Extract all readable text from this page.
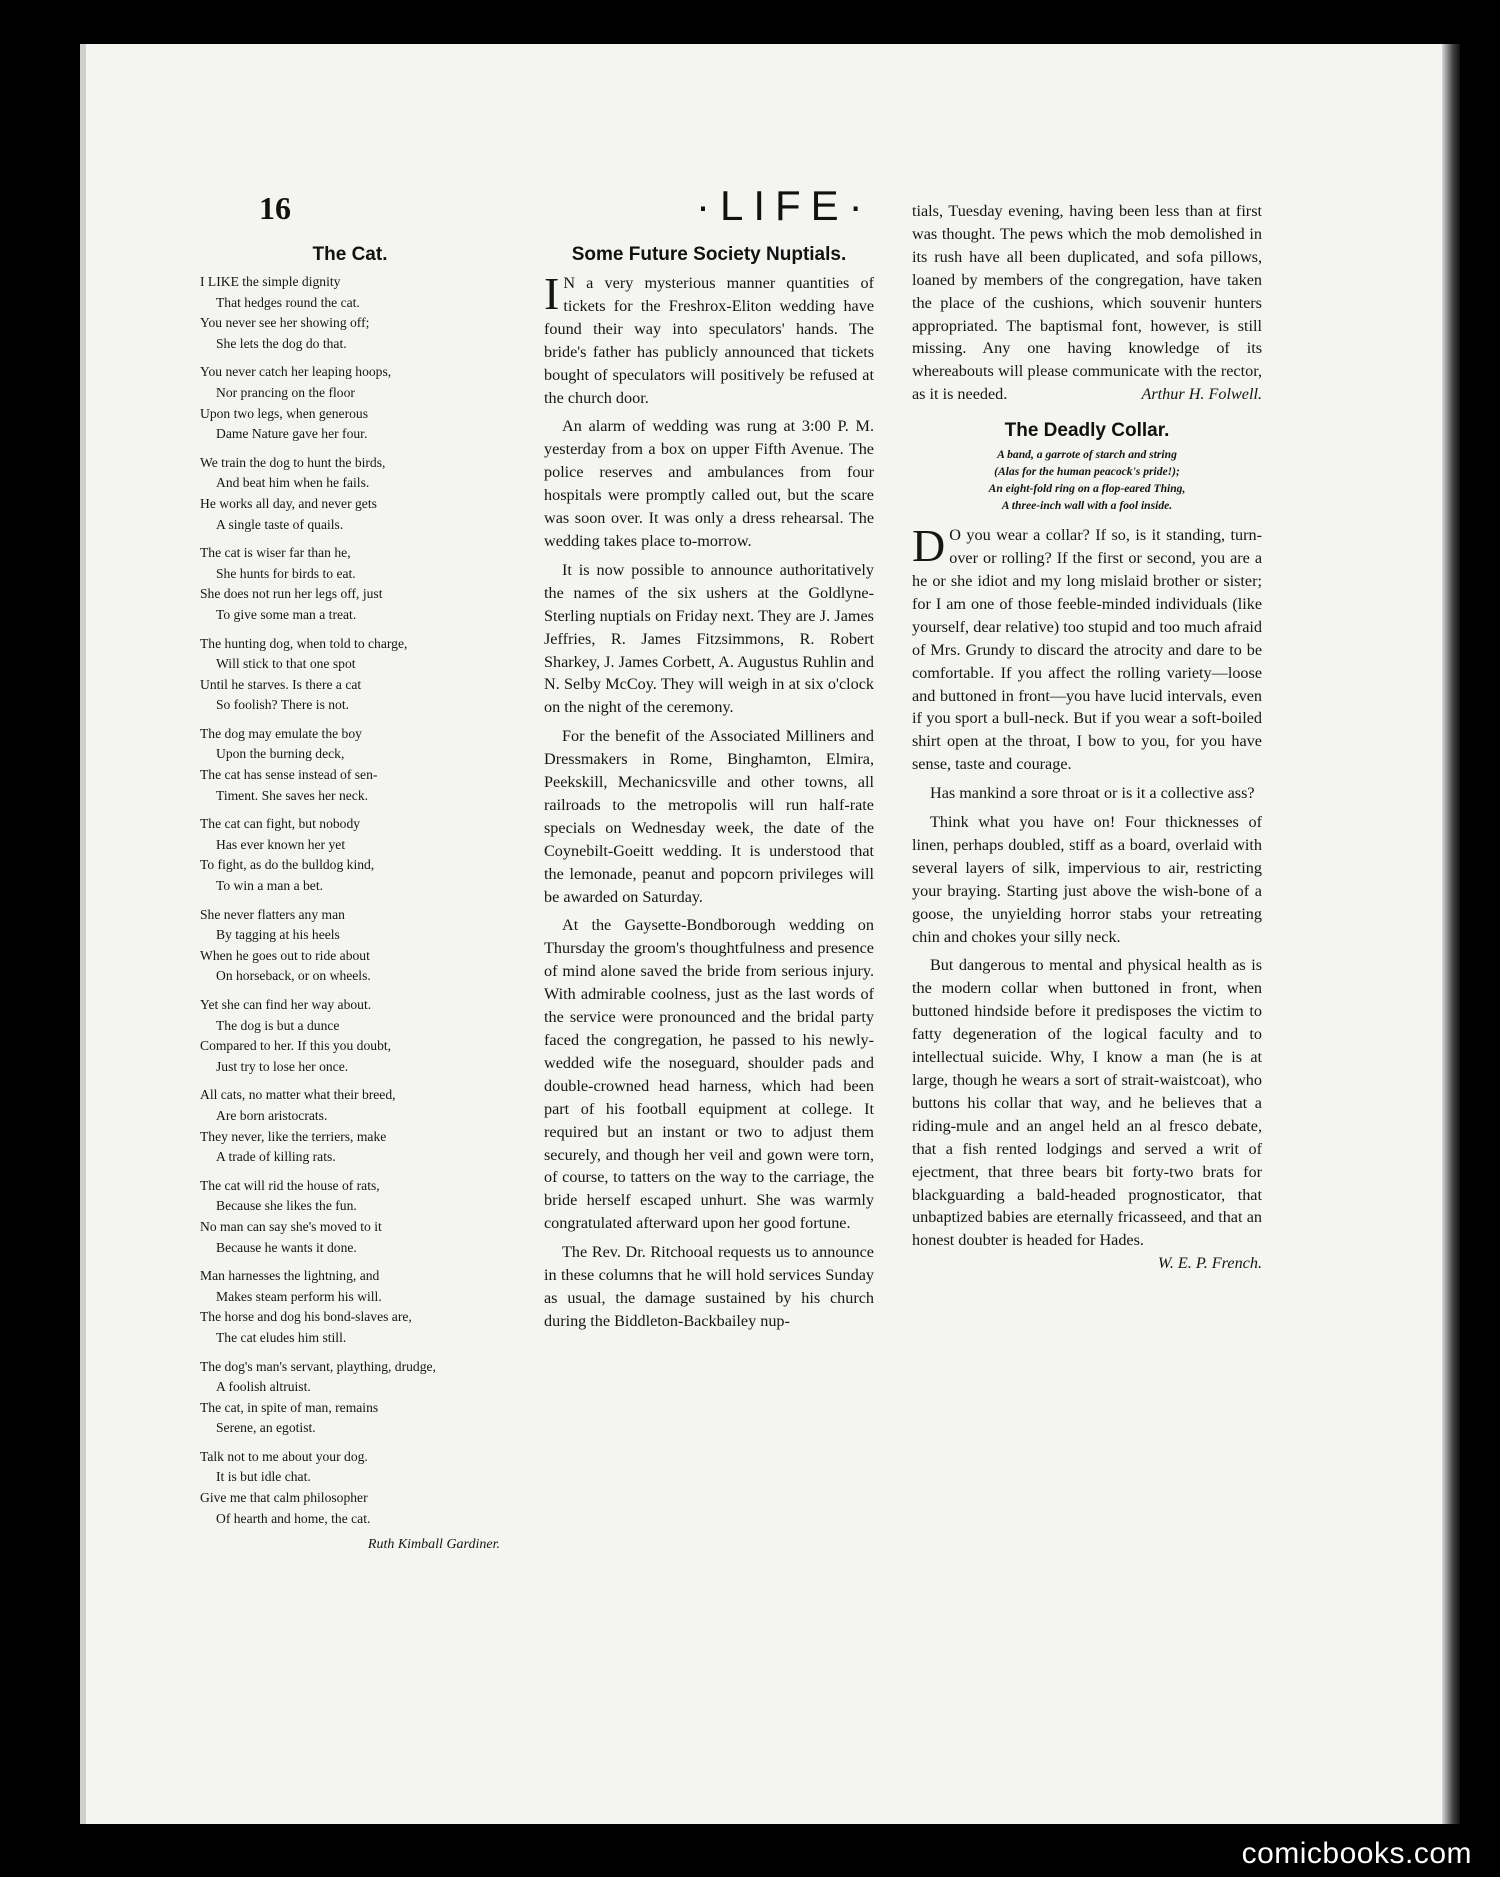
16	·LIFE·
The Cat.
I LIKE the simple dignity
That hedges round the cat.
You never see her showing off;
She lets the dog do that.
You never catch her leaping hoops,
Nor prancing on the floor
Upon two legs, when generous
Dame Nature gave her four.
We train the dog to hunt the birds,
And beat him when he fails.
He works all day, and never gets
A single taste of quails.
The cat is wiser far than he,
She hunts for birds to eat.
She does not run her legs off, just
To give some man a treat.
The hunting dog, when told to charge,
Will stick to that one spot
Until he starves. Is there a cat
So foolish? There is not.
The dog may emulate the boy
Upon the burning deck,
The cat has sense instead of sen-
Timent. She saves her neck.
The cat can fight, but nobody
Has ever known her yet
To fight, as do the bulldog kind,
To win a man a bet.
She never flatters any man
By tagging at his heels
When he goes out to ride about
On horseback, or on wheels.
Yet she can find her way about.
The dog is but a dunce
Compared to her. If this you doubt,
Just try to lose her once.
All cats, no matter what their breed,
Are born aristocrats.
They never, like the terriers, make
A trade of killing rats.
The cat will rid the house of rats,
Because she likes the fun.
No man can say she's moved to it
Because he wants it done.
Man harnesses the lightning, and
Makes steam perform his will.
The horse and dog his bond-slaves are,
The cat eludes him still.
The dog's man's servant, plaything, drudge,
A foolish altruist.
The cat, in spite of man, remains
Serene, an egotist.
Talk not to me about your dog.
It is but idle chat.
Give me that calm philosopher
Of hearth and home, the cat.
Ruth Kimball Gardiner.
Some Future Society Nuptials.

I N a very mysterious manner quantities of tickets for the Freshrox-Eliton wedding have found their way into speculators' hands. The bride's father has publicly announced that tickets bought of speculators will positively be refused at the church door.

An alarm of wedding was rung at 3:00 P. M. yesterday from a box on upper Fifth Avenue. The police reserves and ambulances from four hospitals were promptly called out, but the scare was soon over. It was only a dress rehearsal. The wedding takes place to-morrow.

It is now possible to announce authoritatively the names of the six ushers at the Goldlyne-Sterling nuptials on Friday next. They are J. James Jeffries, R. James Fitzsimmons, R. Robert Sharkey, J. James Corbett, A. Augustus Ruhlin and N. Selby McCoy. They will weigh in at six o'clock on the night of the ceremony.

For the benefit of the Associated Milliners and Dressmakers in Rome, Binghamton, Elmira, Peekskill, Mechanicsville and other towns, all railroads to the metropolis will run half-rate specials on Wednesday week, the date of the Coynebilt-Goeitt wedding. It is understood that the lemonade, peanut and popcorn privileges will be awarded on Saturday.

At the Gaysette-Bondborough wedding on Thursday the groom's thoughtfulness and presence of mind alone saved the bride from serious injury. With admirable coolness, just as the last words of the service were pronounced and the bridal party faced the congregation, he passed to his newly-wedded wife the noseguard, shoulder pads and double-crowned head harness, which had been part of his football equipment at college. It required but an instant or two to adjust them securely, and though her veil and gown were torn, of course, to tatters on the way to the carriage, the bride herself escaped unhurt. She was warmly congratulated afterward upon her good fortune.

The Rev. Dr. Ritchooal requests us to announce in these columns that he will hold services Sunday as usual, the damage sustained by his church during the Biddleton-Backbailey nup-

tials, Tuesday evening, having been less than at first was thought. The pews which the mob demolished in its rush have all been duplicated, and sofa pillows, loaned by members of the congregation, have taken the place of the cushions, which souvenir hunters appropriated. The baptismal font, however, is still missing. Any one having knowledge of its whereabouts will please communicate with the rector, as it is needed.	Arthur H. Folwell.

The Deadly Collar.
A band, a garrote of starch and string
(Alas for the human peacock's pride!);
An eight-fold ring on a flop-eared Thing,
A three-inch wall with a fool inside.

D O you wear a collar? If so, is it standing, turn-over or rolling? If the first or second, you are a he or she idiot and my long mislaid brother or sister; for I am one of those feeble-minded individuals (like yourself, dear relative) too stupid and too much afraid of Mrs. Grundy to discard the atrocity and dare to be comfortable. If you affect the rolling variety—loose and buttoned in front—you have lucid intervals, even if you sport a bull-neck. But if you wear a soft-boiled shirt open at the throat, I bow to you, for you have sense, taste and courage.

Has mankind a sore throat or is it a collective ass?

Think what you have on! Four thicknesses of linen, perhaps doubled, stiff as a board, overlaid with several layers of silk, impervious to air, restricting your braying. Starting just above the wish-bone of a goose, the unyielding horror stabs your retreating chin and chokes your silly neck.

But dangerous to mental and physical health as is the modern collar when buttoned in front, when buttoned hindside before it predisposes the victim to fatty degeneration of the logical faculty and to intellectual suicide. Why, I know a man (he is at large, though he wears a sort of strait-waistcoat), who buttons his collar that way, and he believes that a riding-mule and an angel held an al fresco debate, that a fish rented lodgings and served a writ of ejectment, that three bears bit forty-two brats for blackguarding a bald-headed prognosticator, that unbaptized babies are eternally fricasseed, and that an honest doubter is headed for Hades.
W. E. P. French.

comicbooks.com
